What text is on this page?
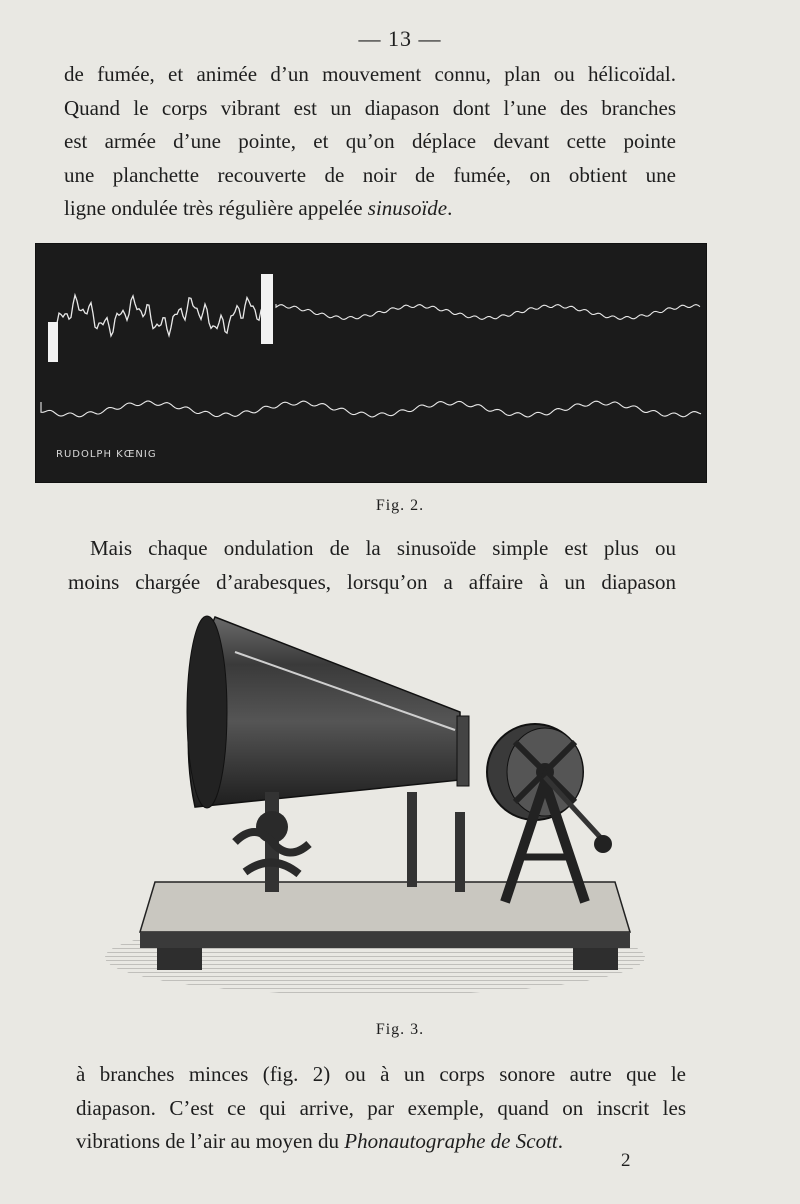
— 13 —
de fumée, et animée d’un mouvement connu, plan ou hélicoïdal.
Quand le corps vibrant est un diapason dont l’une des branches
est armée d’une pointe, et qu’on déplace devant cette pointe
une planchette recouverte de noir de fumée, on obtient une
ligne ondulée très régulière appelée sinusoïde.
RUDOLPH KŒNIG
Fig. 2.
Mais chaque ondulation de la sinusoïde simple est plus ou
moins chargée d’arabesques, lorsqu’on a affaire à un diapason
Fig. 3.
à branches minces (fig. 2) ou à un corps sonore autre que le
diapason. C’est ce qui arrive, par exemple, quand on inscrit les
vibrations de l’air au moyen du Phonautographe de Scott.
2
